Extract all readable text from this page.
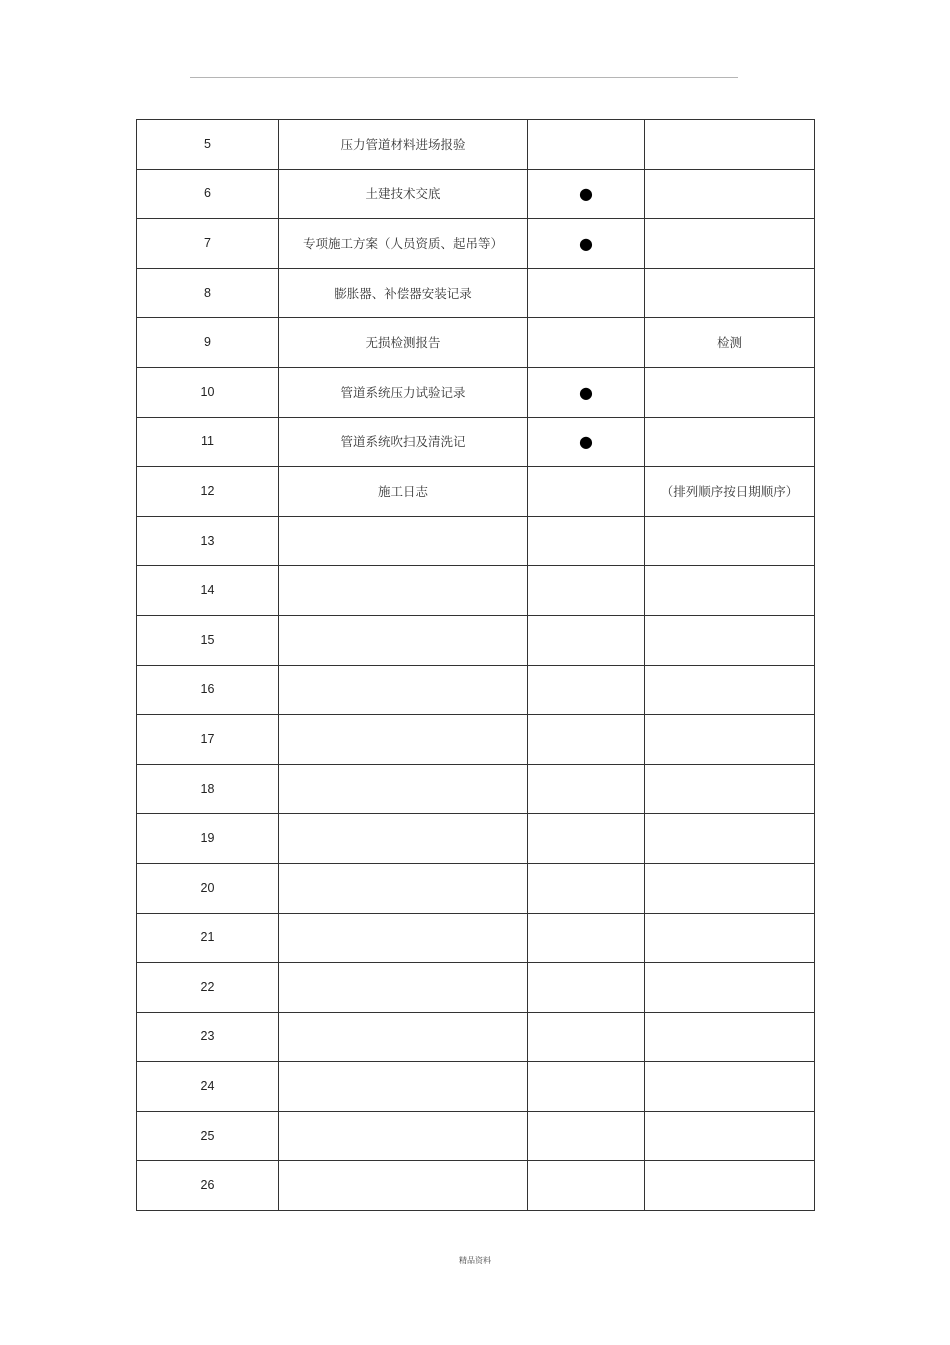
5	压力管道材料进场报验		
6	土建技术交底	●	
7	专项施工方案（人员资质、起吊等）	●	
8	膨胀器、补偿器安装记录		
9	无损检测报告		检测
10	管道系统压力试验记录	●	
11	管道系统吹扫及清洗记	●	
12	施工日志		（排列顺序按日期顺序）
13			
14			
15			
16			
17			
18			
19			
20			
21			
22			
23			
24			
25			
26			
精品资料
